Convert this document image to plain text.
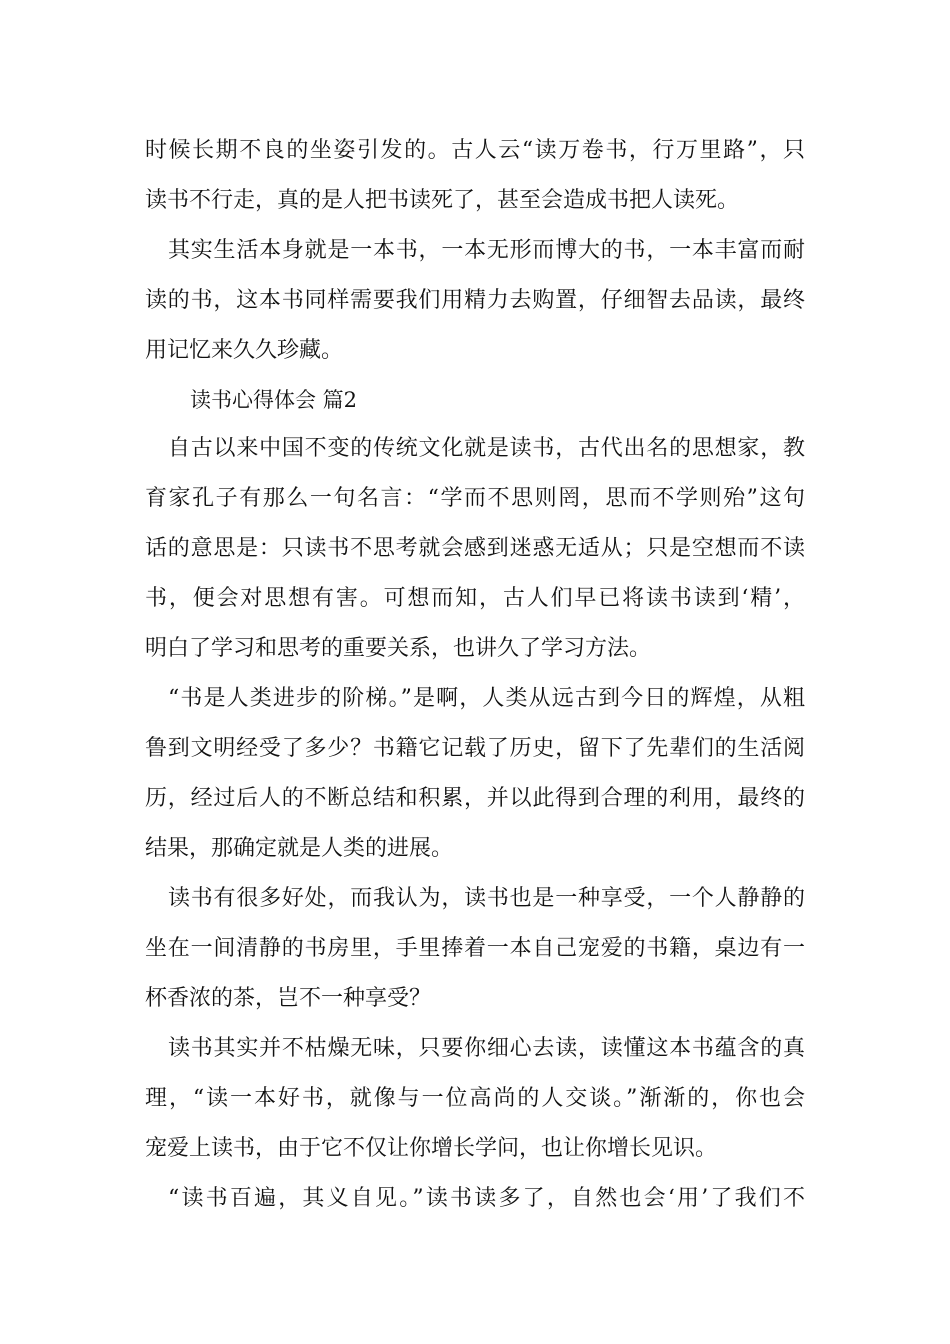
时候长期不良的坐姿引发的。古人云“读万卷书，行万里路”，只
读书不行走，真的是人把书读死了，甚至会造成书把人读死。
其实生活本身就是一本书，一本无形而博大的书，一本丰富而耐
读的书，这本书同样需要我们用精力去购置，仔细智去品读，最终
用记忆来久久珍藏。
读书心得体会 篇2
自古以来中国不变的传统文化就是读书，古代出名的思想家，教
育家孔子有那么一句名言：“学而不思则罔，思而不学则殆”这句
话的意思是：只读书不思考就会感到迷惑无适从；只是空想而不读
书，便会对思想有害。可想而知，古人们早已将读书读到‘精’，
明白了学习和思考的重要关系，也讲久了学习方法。
“书是人类进步的阶梯。”是啊，人类从远古到今日的辉煌，从粗
鲁到文明经受了多少？书籍它记载了历史，留下了先辈们的生活阅
历，经过后人的不断总结和积累，并以此得到合理的利用，最终的
结果，那确定就是人类的进展。
读书有很多好处，而我认为，读书也是一种享受，一个人静静的
坐在一间清静的书房里，手里捧着一本自己宠爱的书籍，桌边有一
杯香浓的茶，岂不一种享受？
读书其实并不枯燥无味，只要你细心去读，读懂这本书蕴含的真
理，“读一本好书，就像与一位高尚的人交谈。”渐渐的，你也会
宠爱上读书，由于它不仅让你增长学问，也让你增长见识。
“读书百遍，其义自见。”读书读多了，自然也会‘用’了我们不
